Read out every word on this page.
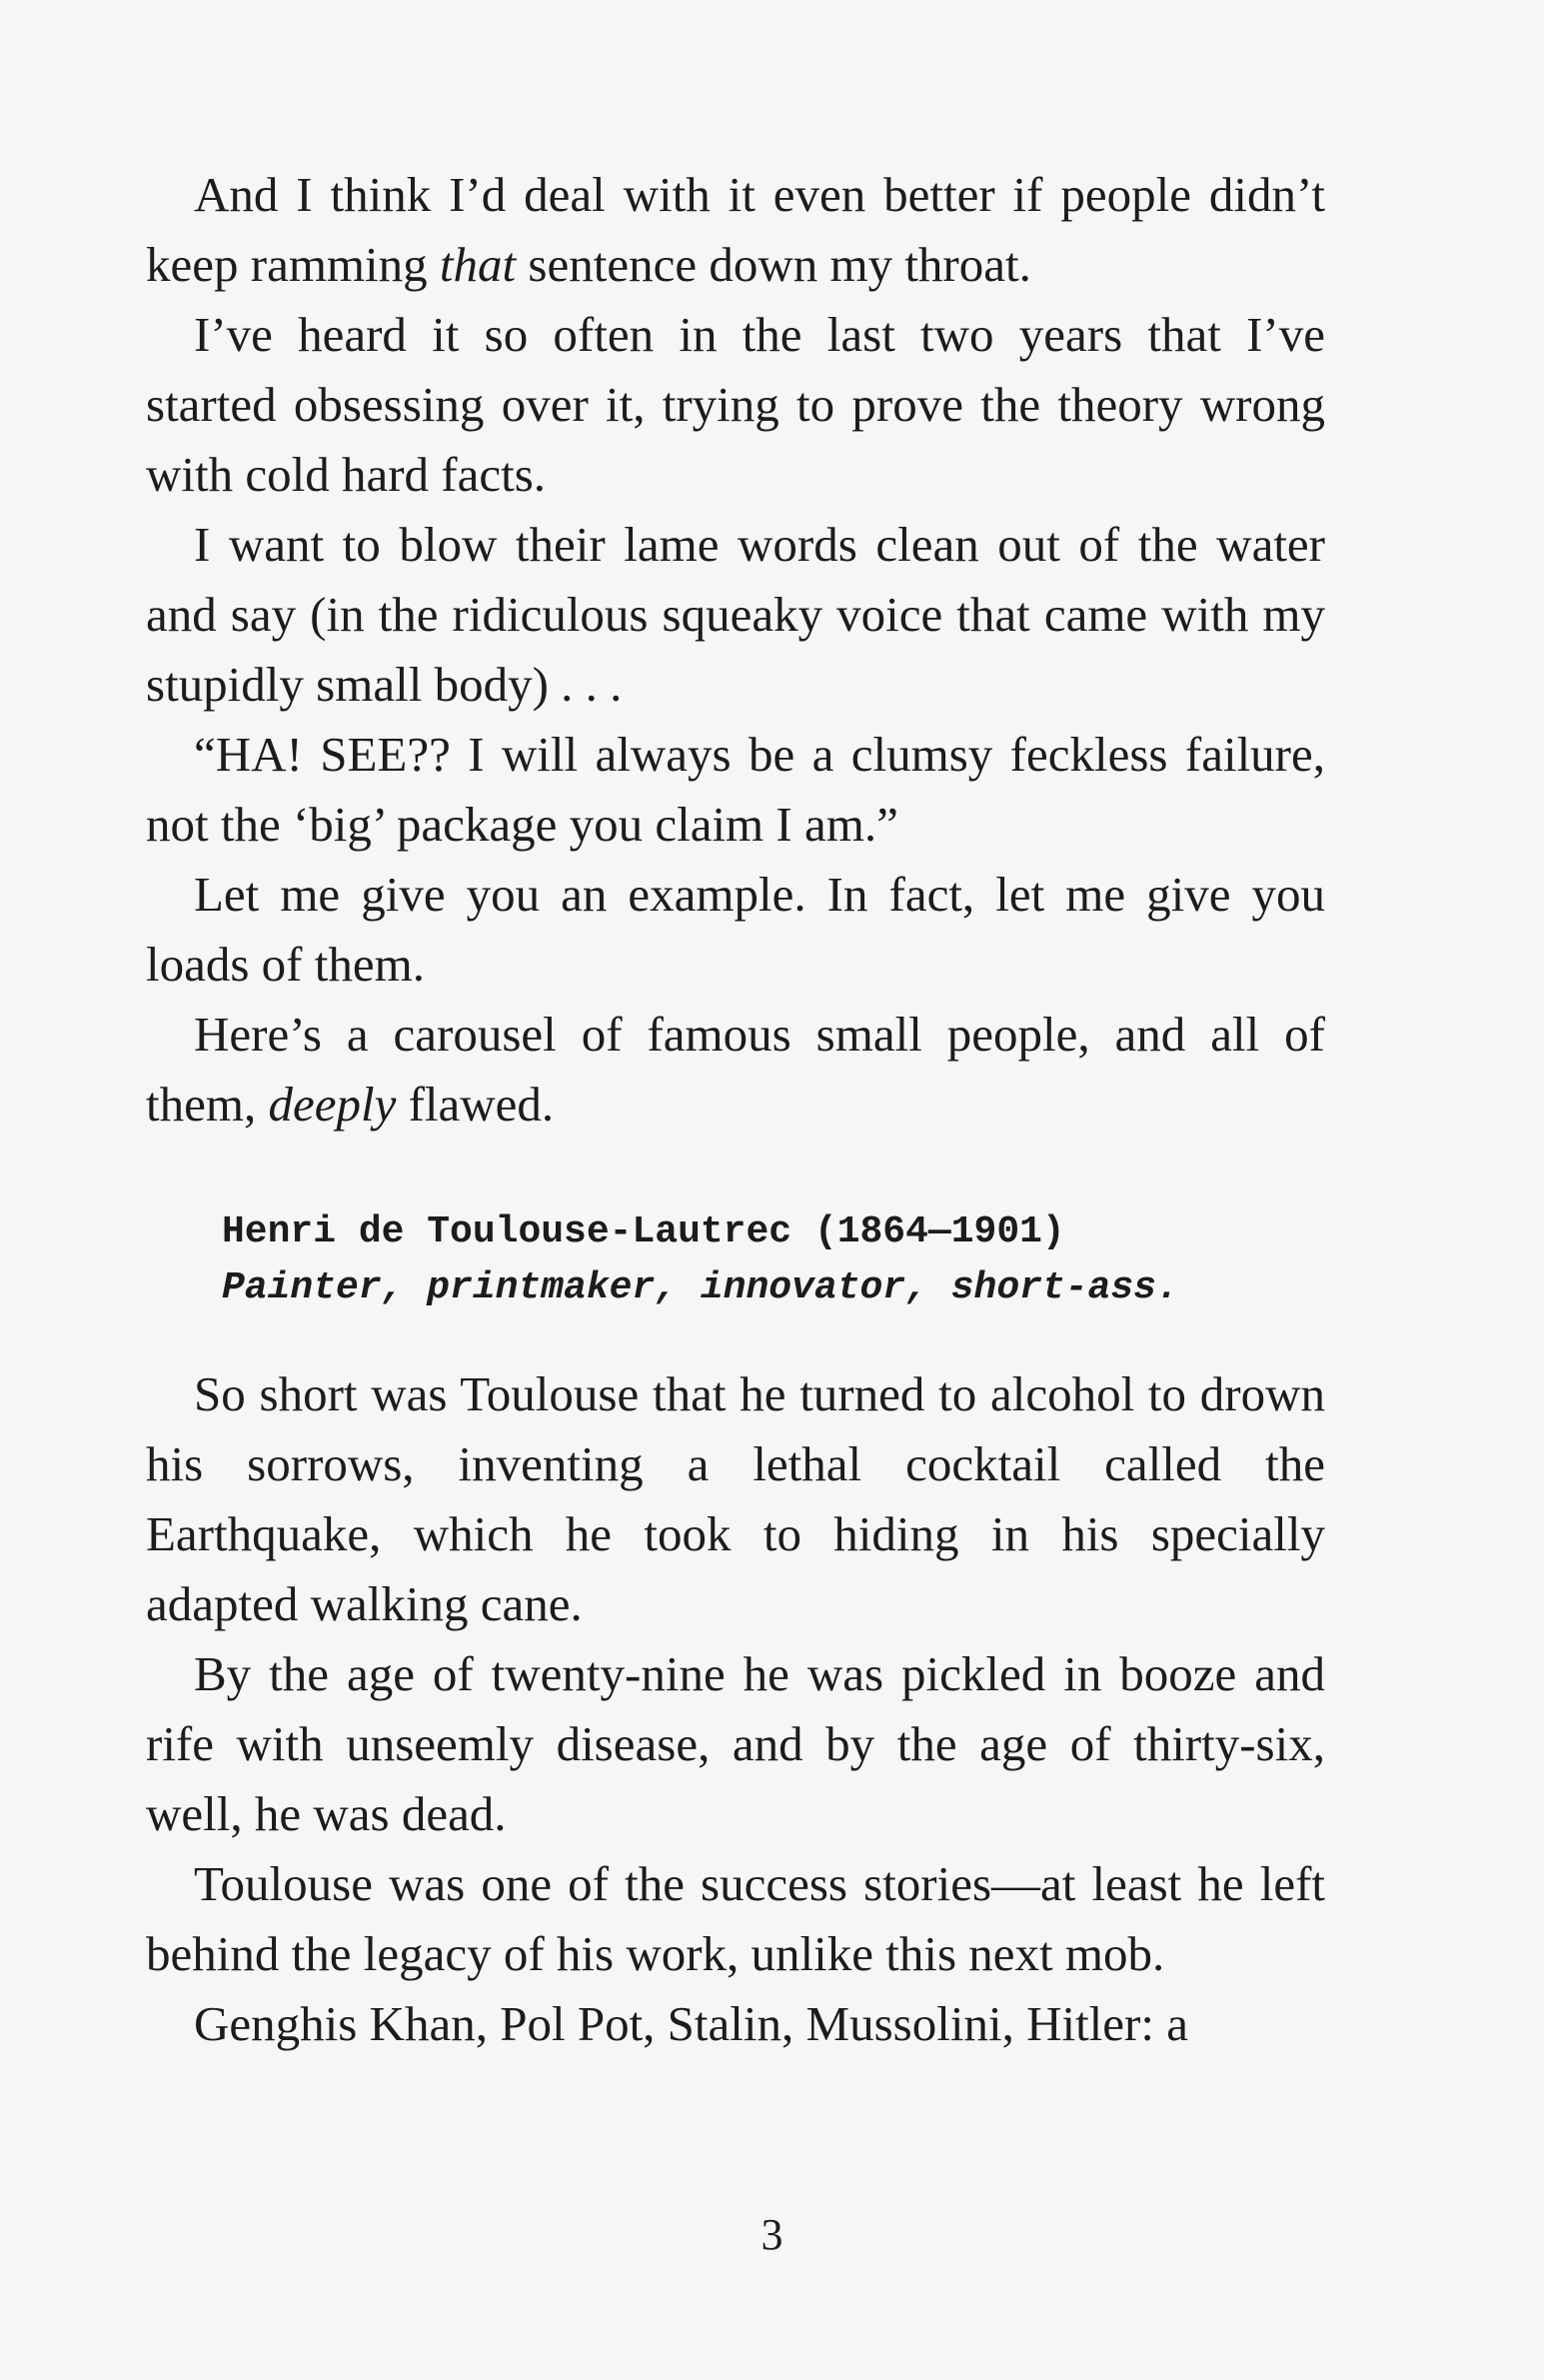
And I think I’d deal with it even better if people didn’t keep ramming that sentence down my throat.

I’ve heard it so often in the last two years that I’ve started obsessing over it, trying to prove the theory wrong with cold hard facts.

I want to blow their lame words clean out of the water and say (in the ridiculous squeaky voice that came with my stupidly small body) . . .

“HA! SEE?? I will always be a clumsy feckless failure, not the ‘big’ package you claim I am.”

Let me give you an example. In fact, let me give you loads of them.

Here’s a carousel of famous small people, and all of them, deeply flawed.

Henri de Toulouse-Lautrec (1864—1901)
Painter, printmaker, innovator, short-ass.

So short was Toulouse that he turned to alcohol to drown his sorrows, inventing a lethal cocktail called the Earthquake, which he took to hiding in his specially adapted walking cane.

By the age of twenty-nine he was pickled in booze and rife with unseemly disease, and by the age of thirty-six, well, he was dead.

Toulouse was one of the success stories—at least he left behind the legacy of his work, unlike this next mob.

Genghis Khan, Pol Pot, Stalin, Mussolini, Hitler: a

3
